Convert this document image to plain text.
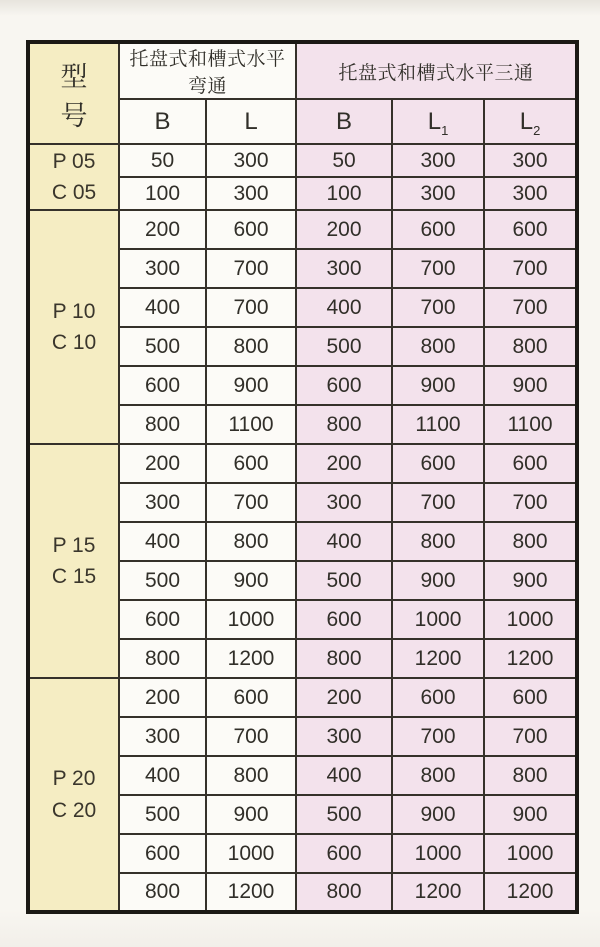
型 号	托盘式和槽式水平弯通		托盘式和槽式水平三通		
	B	L	B	$L_1$	$L_2$

P 05
C 05	50	300	50	300	300
	100	300	100	300	300

P 10
C 10	200	600	200	600	600
	300	700	300	700	700
	400	700	400	700	700
	500	800	500	800	800
	600	900	600	900	900
	800	1100	800	1100	1100

P 15
C 15	200	600	200	600	600
	300	700	300	700	700
	400	800	400	800	800
	500	900	500	900	900
	600	1000	600	1000	1000
	800	1200	800	1200	1200

P 20
C 20	200	600	200	600	600
	300	700	300	700	700
	400	800	400	800	800
	500	900	500	900	900
	600	1000	600	1000	1000
	800	1200	800	1200	1200
